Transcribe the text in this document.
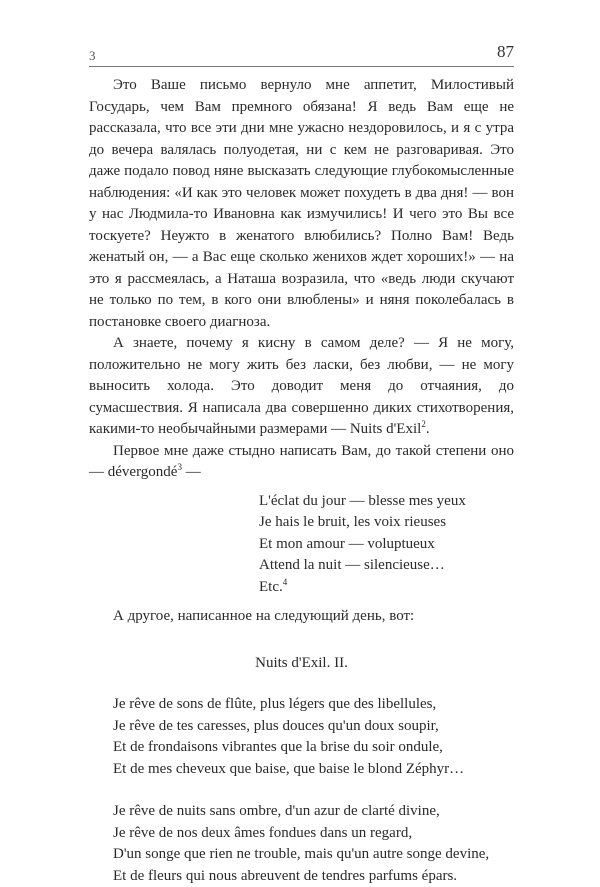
3	87

Это Ваше письмо вернуло мне аппетит, Милостивый Государь, чем Вам премного обязана! Я ведь Вам еще не рассказала, что все эти дни мне ужасно нездоровилось, и я с утра до вечера валялась полуодетая, ни с кем не разговаривая. Это даже подало повод няне высказать следующие глубокомысленные наблюдения: «И как это человек может похудеть в два дня! — вон у нас Людмила-то Ивановна как измучились! И чего это Вы все тоскуете? Неужто в женатого влюбились? Полно Вам! Ведь женатый он, — а Вас еще сколько женихов ждет хороших!» — на это я рассмеялась, а Наташа возразила, что «ведь люди скучают не только по тем, в кого они влюблены» и няня поколебалась в постановке своего диагноза.

А знаете, почему я кисну в самом деле? — Я не могу, положительно не могу жить без ласки, без любви, — не могу выносить холода. Это доводит меня до отчаяния, до сумасшествия. Я написала два совершенно диких стихотворения, какими-то необычайными размерами — Nuits d'Exil$^2$.

Первое мне даже стыдно написать Вам, до такой степени оно — dévergondé$^3$ —

L'éclat du jour — blesse mes yeux
Je hais le bruit, les voix rieuses
Et mon amour — voluptueux
Attend la nuit — silencieuse…
Etc.$^4$

А другое, написанное на следующий день, вот:

Nuits d'Exil. II.
Je rêve de sons de flûte, plus légers que des libellules,
Je rêve de tes caresses, plus douces qu'un doux soupir,
Et de frondaisons vibrantes que la brise du soir ondule,
Et de mes cheveux que baise, que baise le blond Zéphyr…
Je rêve de nuits sans ombre, d'un azur de clarté divine,
Je rêve de nos deux âmes fondues dans un regard,
D'un songe que rien ne trouble, mais qu'un autre songe devine,
Et de fleurs qui nous abreuvent de tendres parfums épars.
